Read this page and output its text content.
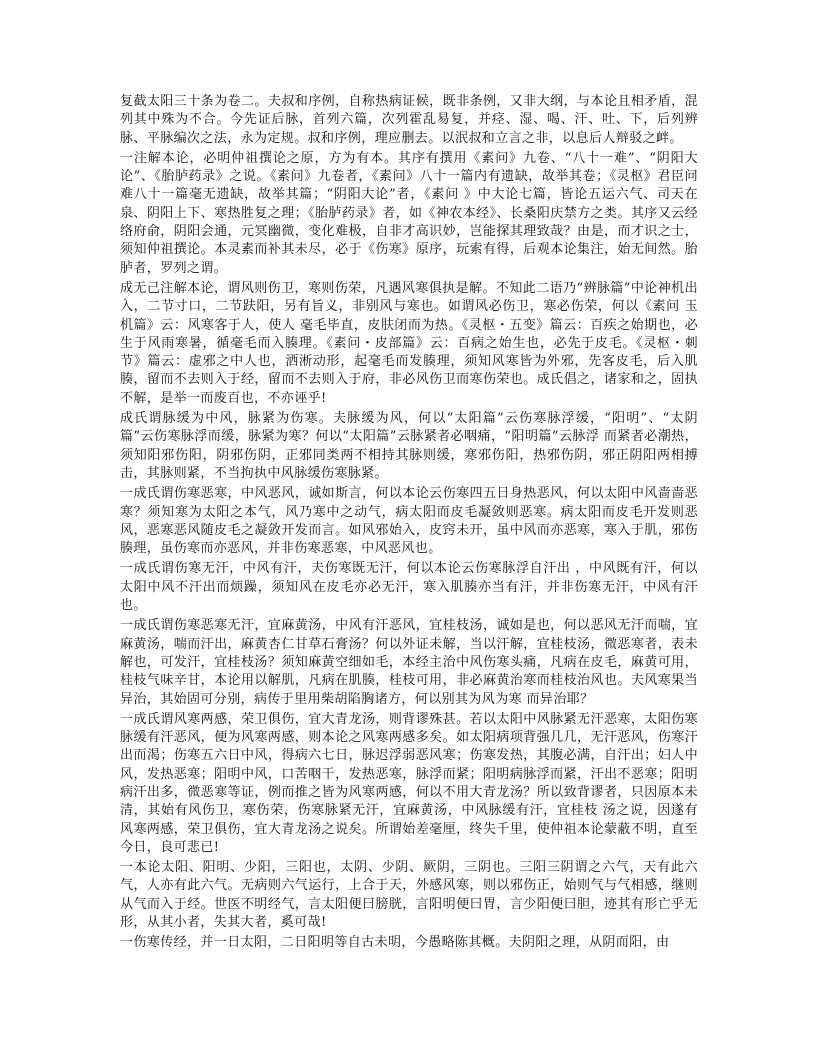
复截太阳三十条为卷二。夫叔和序例，自称热病证候，既非条例，又非大纲，与本论且相矛盾，混列其中殊为不合。今先证后脉，首列六篇，次列霍乱易复，并痉、湿、喝、汗、吐、下，后列辨脉、平脉编次之法，永为定规。叔和序例，理应删去。以泯叔和立言之非，以息后人辩驳之衅。

一注解本论，必明仲祖撰论之原，方为有本。其序有撰用《素问》九卷、“八十一难”、“阴阳大论”、《胎胪药录》之说。《素问》九卷者，《素问》八十一篇内有遗缺，故举其卷；《灵枢》君臣问难八十一篇毫无遗缺，故举其篇；“阴阳大论”者，《素问 》中大论七篇，皆论五运六气、司天在泉、阴阳上下、寒热胜复之理；《胎胪药录》者，如《神农本经》、长桑阳庆禁方之类。其序又云经络府俞，阴阳会通，元冥幽微，变化难极，自非才高识妙，岂能探其理致哉？由是，而才识之士，须知仲祖撰论。本灵素而补其未尽，必于《伤寒》原序，玩索有得，后观本论集注，始无间然。胎胪者，罗列之谓。

成无己注解本论，谓风则伤卫，寒则伤荣，凡遇风寒俱执是解。不知此二语乃“辨脉篇”中论神机出入，二节寸口，二节趺阳，另有旨义，非别风与寒也。如谓风必伤卫，寒必伤荣，何以《素问 玉机篇》云：风寒客于人，使人 毫毛毕直，皮肤闭而为热。《灵枢・五变》篇云：百疾之始期也，必生于风雨寒暑，循毫毛而入腠理。《素问・皮部篇》云：百病之始生也，必先于皮毛。《灵枢・刺节》篇云：虚邪之中人也，洒淅动形，起毫毛而发腠理，须知风寒皆为外邪，先客皮毛，后入肌腠，留而不去则入于经，留而不去则入于府，非必风伤卫而寒伤荣也。成氏倡之，诸家和之，固执不解，是举一而废百也，不亦诬乎!

成氏谓脉缓为中风，脉紧为伤寒。夫脉缓为风，何以“太阳篇”云伤寒脉浮缓，“阳明”、“太阴篇”云伤寒脉浮而缓，脉紧为寒？何以“太阳篇”云脉紧者必咽痛，“阳明篇”云脉浮 而紧者必潮热，须知阳邪伤阳，阴邪伤阴，正邪同类两不相持其脉则缓，寒邪伤阳，热邪伤阴，邪正阴阳两相搏击，其脉则紧，不当拘执中风脉缓伤寒脉紧。

一成氏谓伤寒恶寒，中风恶风，诚如斯言，何以本论云伤寒四五日身热恶风，何以太阳中风啬啬恶寒？须知寒为太阳之本气，风乃寒中之动气，病太阳而皮毛凝敛则恶寒。病太阳而皮毛开发则恶风，恶寒恶风随皮毛之凝敛开发而言。如风邪始入，皮窍未开，虽中风而亦恶寒，寒入于肌，邪伤腠理，虽伤寒而亦恶风，并非伤寒恶寒，中风恶风也。

一成氏谓伤寒无汗，中风有汗，夫伤寒既无汗，何以本论云伤寒脉浮自汗出 ，中风既有汗，何以太阳中风不汗出而烦躁，须知风在皮毛亦必无汗，寒入肌腠亦当有汗，并非伤寒无汗，中风有汗也。

一成氏谓伤寒恶寒无汗，宜麻黄汤，中风有汗恶风，宜桂枝汤，诚如是也，何以恶风无汗而喘，宜麻黄汤，喘而汗出，麻黄杏仁甘草石膏汤？何以外证未解，当以汗解，宜桂枝汤，微恶寒者，表未解也，可发汗，宜桂枝汤？须知麻黄空细如毛，本经主治中风伤寒头痛，凡病在皮毛，麻黄可用，桂枝气味辛甘，本论用以解肌，凡病在肌腠，桂枝可用，非必麻黄治寒而桂枝治风也。夫风寒果当异治，其始固可分别，病传于里用柴胡陷胸诸方，何以别其为风为寒 而异治耶？

一成氏谓风寒两感，荣卫俱伤，宜大青龙汤，则背谬殊甚。若以太阳中风脉紧无汗恶寒，太阳伤寒脉缓有汗恶风，便为风寒两感，则本论之风寒两感多矣。如太阳病项背强几几，无汗恶风，伤寒汗出而渴；伤寒五六日中风，得病六七日，脉迟浮弱恶风寒；伤寒发热，其腹必满，自汗出；妇人中风，发热恶寒；阳明中风，口苦咽干，发热恶寒，脉浮而紧；阳明病脉浮而紧，汗出不恶寒；阳明病汗出多，微恶寒等证，例而推之皆为风寒两感，何以不用大青龙汤？所以致背谬者，只因原本未清，其始有风伤卫，寒伤荣，伤寒脉紧无汗，宜麻黄汤，中风脉缓有汗，宜桂枝 汤之说，因遂有风寒两感，荣卫俱伤，宜大青龙汤之说矣。所谓始差毫厘，终失千里，使仲祖本论蒙蔽不明，直至今日，良可悲已!

一本论太阳、阳明、少阳，三阳也，太阴、少阴、厥阴，三阴也。三阳三阴谓之六气，天有此六气，人亦有此六气。无病则六气运行，上合于天，外感风寒，则以邪伤正，始则气与气相感，继则从气而入于经。世医不明经气，言太阳便曰膀胱，言阳明便曰胃，言少阳便曰胆，迹其有形亡乎无形，从其小者，失其大者，奚可哉!

一伤寒传经，并一日太阳，二日阳明等自古未明，今愚略陈其概。夫阴阳之理，从阴而阳，由
